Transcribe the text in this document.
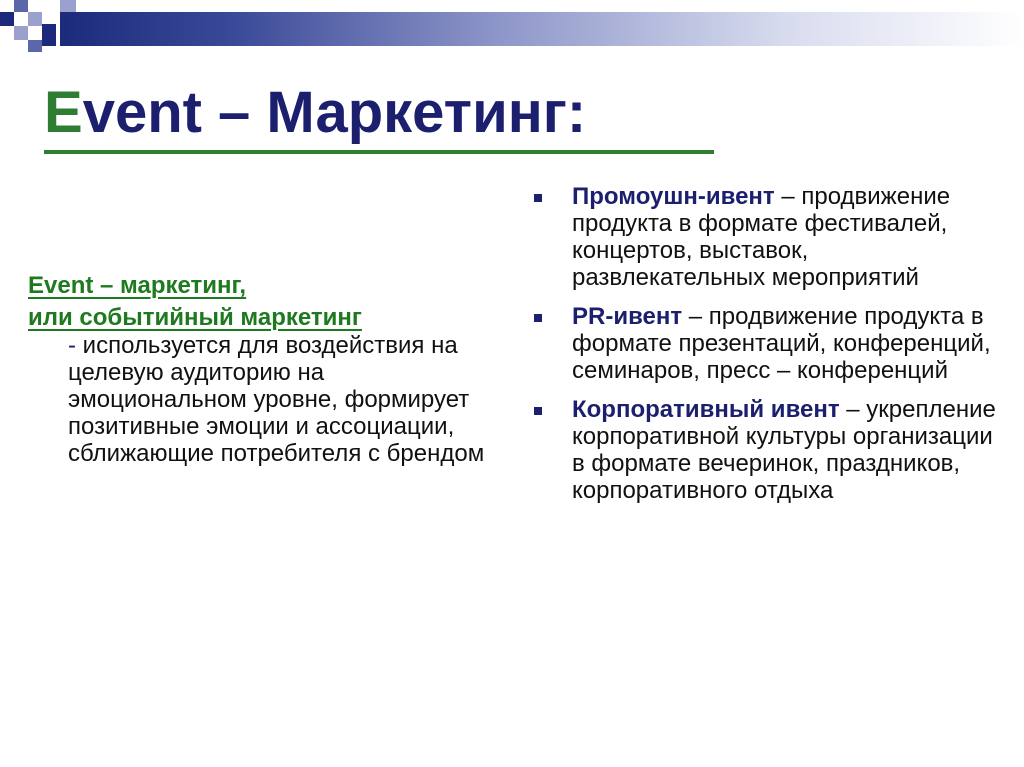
Event – Маркетинг:
Event – маркетинг,
или событийный маркетинг
- используется для воздействия на целевую аудиторию на эмоциональном уровне, формирует позитивные эмоции и ассоциации, сближающие потребителя с брендом
Промоушн-ивент – продвижение продукта в формате фестивалей, концертов, выставок, развлекательных мероприятий
PR-ивент – продвижение продукта в формате презентаций, конференций, семинаров, пресс – конференций
Корпоративный ивент – укрепление корпоративной культуры организации в формате вечеринок, праздников, корпоративного отдыха
